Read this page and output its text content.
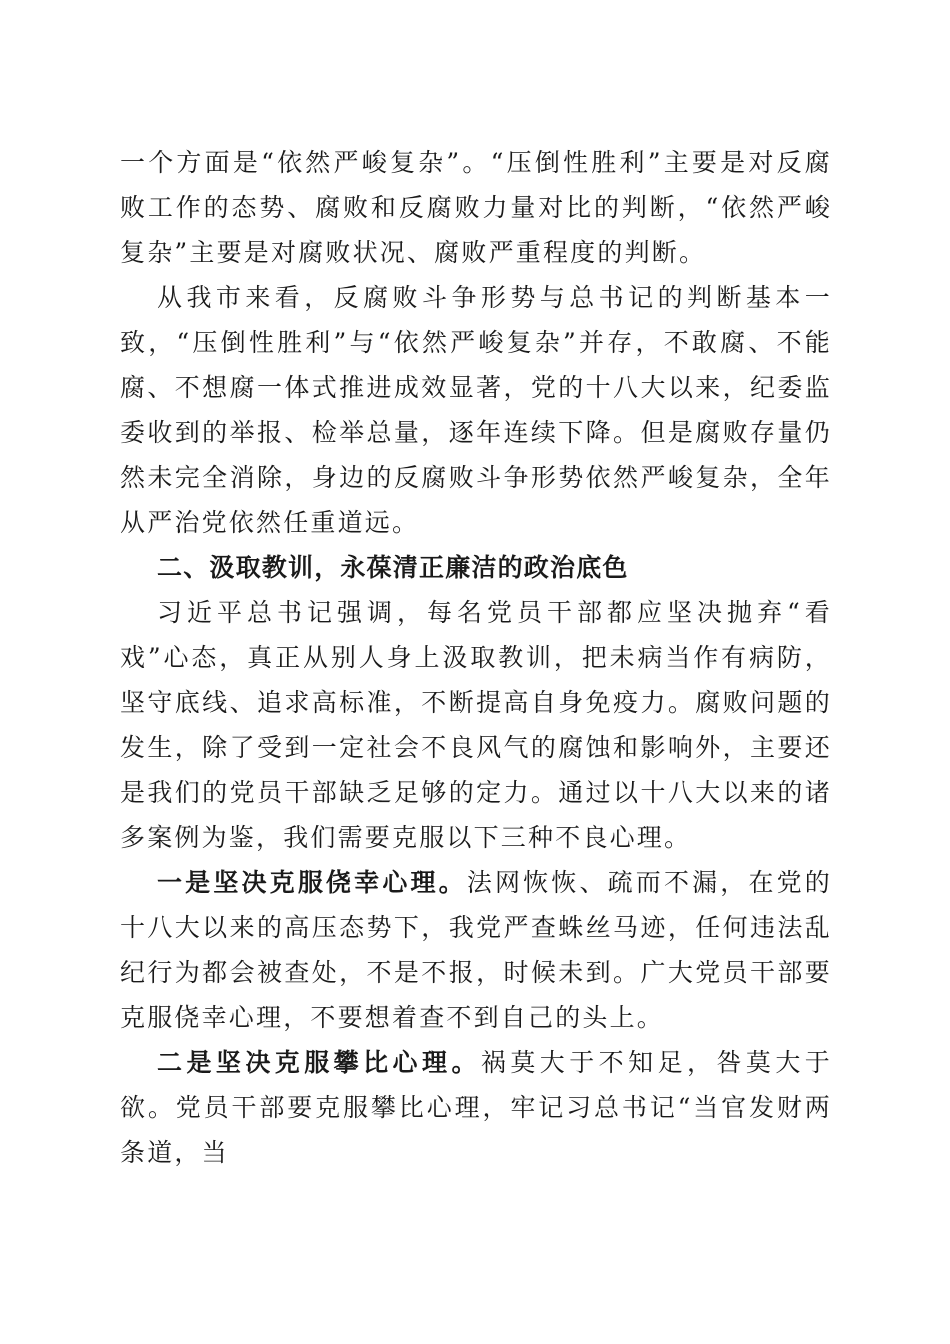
一个方面是“依然严峻复杂”。“压倒性胜利”主要是对反腐败工作的态势、腐败和反腐败力量对比的判断，“依然严峻复杂”主要是对腐败状况、腐败严重程度的判断。

从我市来看，反腐败斗争形势与总书记的判断基本一致，“压倒性胜利”与“依然严峻复杂”并存，不敢腐、不能腐、不想腐一体式推进成效显著，党的十八大以来，纪委监委收到的举报、检举总量，逐年连续下降。但是腐败存量仍然未完全消除，身边的反腐败斗争形势依然严峻复杂，全年从严治党依然任重道远。

二、汲取教训，永葆清正廉洁的政治底色

习近平总书记强调，每名党员干部都应坚决抛弃“看戏”心态，真正从别人身上汲取教训，把未病当作有病防，坚守底线、追求高标准，不断提高自身免疫力。腐败问题的发生，除了受到一定社会不良风气的腐蚀和影响外，主要还是我们的党员干部缺乏足够的定力。通过以十八大以来的诸多案例为鉴，我们需要克服以下三种不良心理。

一是坚决克服侥幸心理。法网恢恢、疏而不漏，在党的十八大以来的高压态势下，我党严查蛛丝马迹，任何违法乱纪行为都会被查处，不是不报，时候未到。广大党员干部要克服侥幸心理，不要想着查不到自己的头上。

二是坚决克服攀比心理。祸莫大于不知足，咎莫大于欲。党员干部要克服攀比心理，牢记习总书记“当官发财两条道，当
